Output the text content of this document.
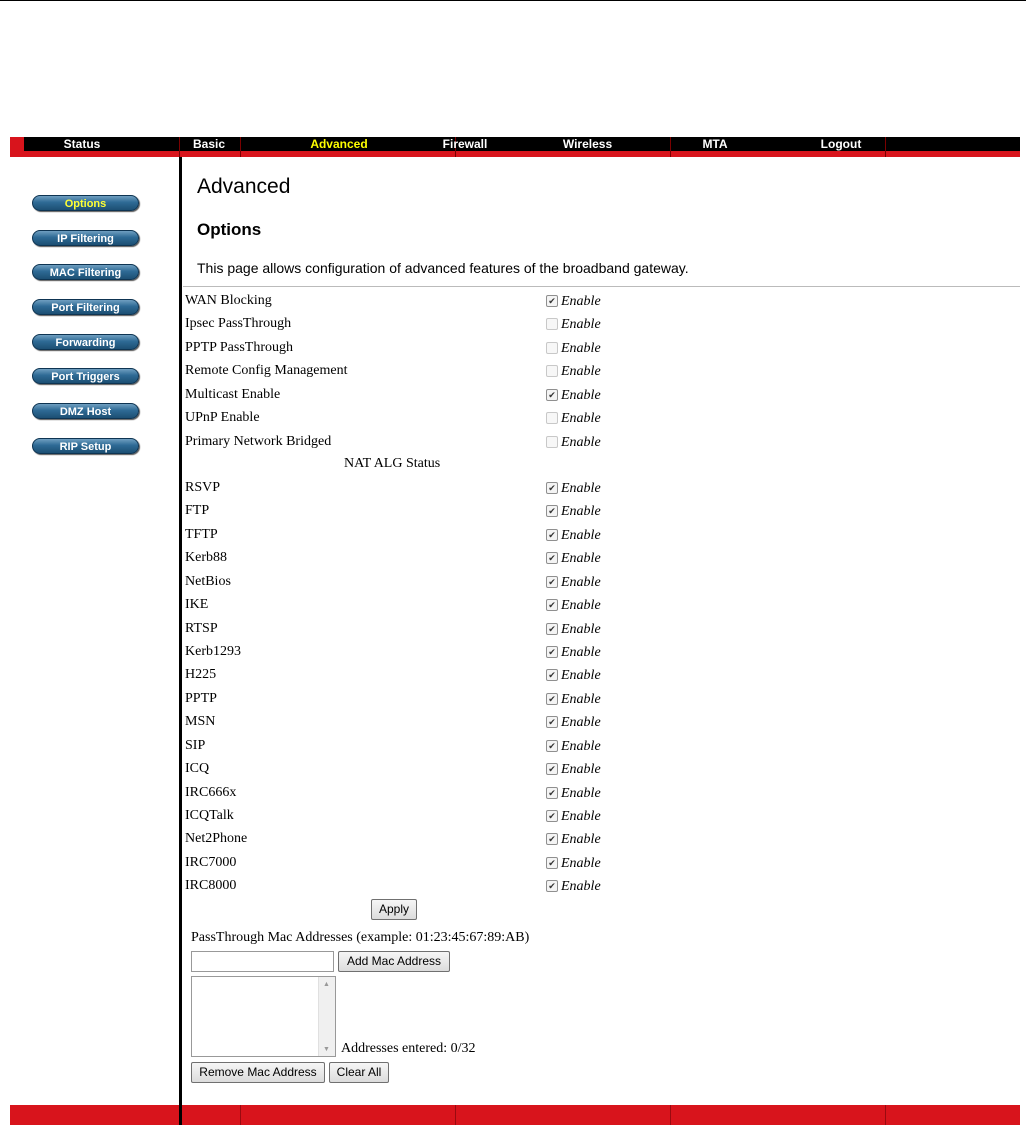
Status	Basic	Advanced	Firewall	Wireless	MTA	Logout
Options
IP Filtering
MAC Filtering
Port Filtering
Forwarding
Port Triggers
DMZ Host
RIP Setup
Advanced
Options
This page allows configuration of advanced features of the broadband gateway.
WAN Blocking	✔ Enable
Ipsec PassThrough	Enable
PPTP PassThrough	Enable
Remote Config Management	Enable
Multicast Enable	✔ Enable
UPnP Enable	Enable
Primary Network Bridged	Enable
NAT ALG Status
RSVP	✔ Enable
FTP	✔ Enable
TFTP	✔ Enable
Kerb88	✔ Enable
NetBios	✔ Enable
IKE	✔ Enable
RTSP	✔ Enable
Kerb1293	✔ Enable
H225	✔ Enable
PPTP	✔ Enable
MSN	✔ Enable
SIP	✔ Enable
ICQ	✔ Enable
IRC666x	✔ Enable
ICQTalk	✔ Enable
Net2Phone	✔ Enable
IRC7000	✔ Enable
IRC8000	✔ Enable
Apply
PassThrough Mac Addresses (example: 01:23:45:67:89:AB)
Add Mac Address
▲
▼ Addresses entered: 0/32
Remove Mac Address	Clear All
